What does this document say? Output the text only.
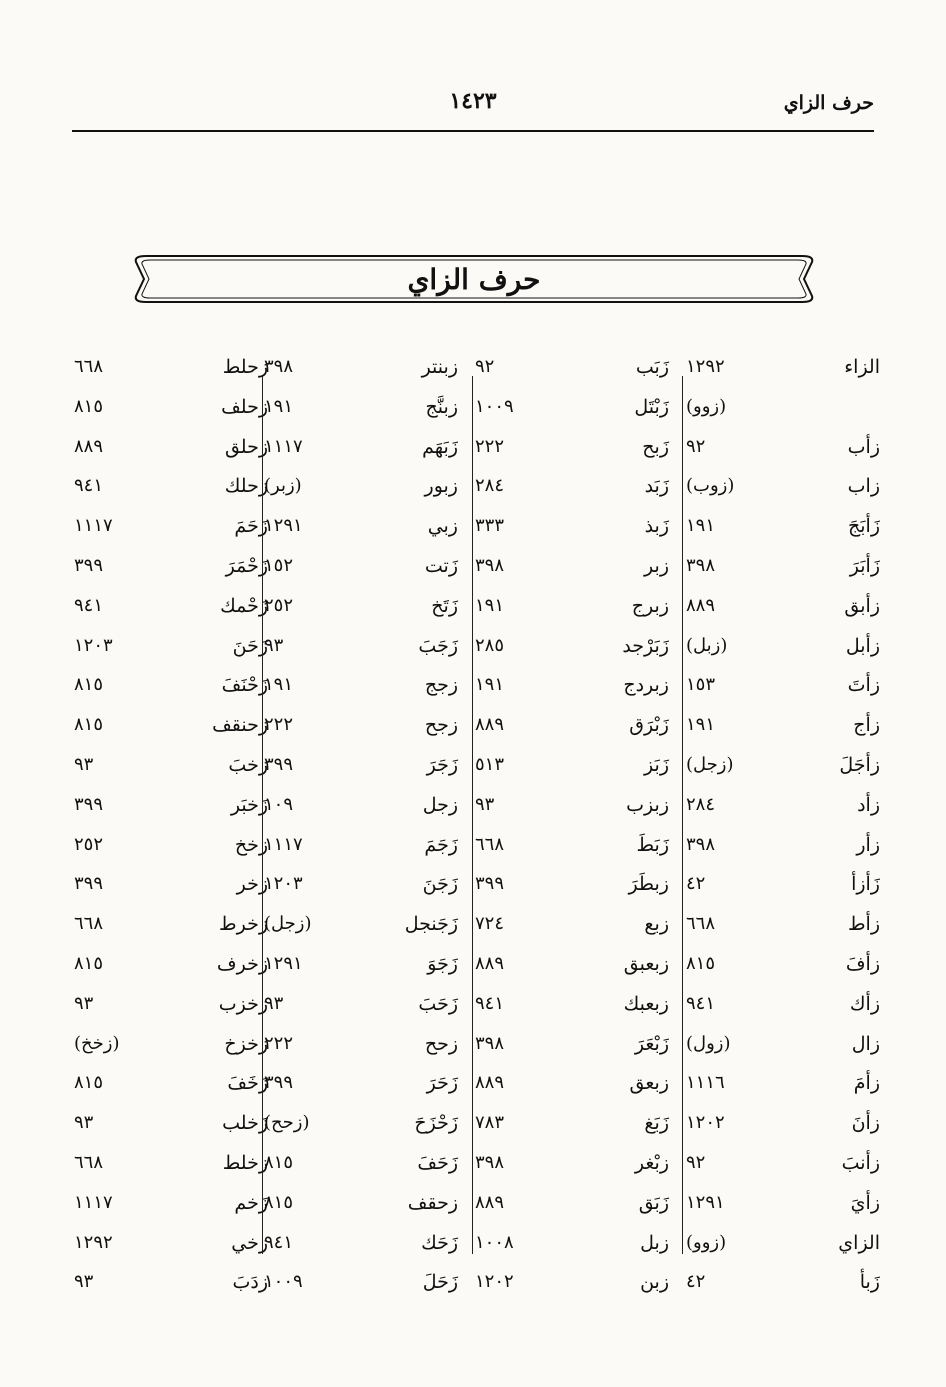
حرف الزاي
١٤٢٣
حرف الزاي
الزاء
١٢٩٢
(زوو)
زأب
٩٢
زاب
(زوب)
زَأبَجَ
١٩١
زَأبَرَ
٣٩٨
زأبق
٨٨٩
زأبل
(زبل)
زأتَ
١٥٣
زأج
١٩١
زأجَلَ
(زجل)
زأد
٢٨٤
زأر
٣٩٨
زَأزأ
٤٢
زأط
٦٦٨
زأفَ
٨١٥
زأك
٩٤١
زال
(زول)
زأمَ
١١١٦
زأنَ
١٢٠٢
زأنبَ
٩٢
زأيَ
١٢٩١
الزاي
(زوو)
زَبأ
٤٢
زَبَب
٩٢
زَبْتَل
١٠٠٩
زَبح
٢٢٢
زَبَد
٢٨٤
زَبذ
٣٣٣
زبر
٣٩٨
زبرج
١٩١
زَبَرْجد
٢٨٥
زبردج
١٩١
زَبْرَق
٨٨٩
زَبَز
٥١٣
زبزب
٩٣
زَبَطَ
٦٦٨
زبطَرَ
٣٩٩
زبع
٧٢٤
زبعبق
٨٨٩
زبعبك
٩٤١
زَبْعَرَ
٣٩٨
زبعق
٨٨٩
زَبَغ
٧٨٣
زبْغر
٣٩٨
زَبَق
٨٨٩
زبل
١٠٠٨
زبن
١٢٠٢
زبنتر
٣٩٨
زبنَّج
١٩١
زَبَهَم
١١١٧
زبور
(زبر)
زبي
١٢٩١
زَتت
١٥٢
زَتَخ
٢٥٢
زَجَبَ
٩٣
زجج
١٩١
زجح
٢٢٢
زَجَرَ
٣٩٩
زجل
١٠٩
زَجَمَ
١١١٧
زَجَنَ
١٢٠٣
زَجَنجل
(زجل)
زَجَوَ
١٢٩١
زَحَبَ
٩٣
زحح
٢٢٢
زَحَرَ
٣٩٩
زَحْزَحَ
(زحح)
زَحَفَ
٨١٥
زحقف
٨١٥
زَحَك
٩٤١
زَحَلَ
١٠٠٩
زحلط
٦٦٨
زحلف
٨١٥
زحلق
٨٨٩
زحلك
٩٤١
زَحَمَ
١١١٧
زَحْمَرَ
٣٩٩
زَحْمك
٩٤١
زَحَنَ
١٢٠٣
زَحْنَفَ
٨١٥
زحنقف
٨١٥
زخبَ
٩٣
زَخبَر
٣٩٩
زخخ
٢٥٢
زخر
٣٩٩
زخرط
٦٦٨
زخرف
٨١٥
زخزب
٩٣
زخزخ
(زخخ)
زَخَفَ
٨١٥
زَخلب
٩٣
زخلط
٦٦٨
زَخم
١١١٧
زخي
١٢٩٢
زدَبَ
٩٣
